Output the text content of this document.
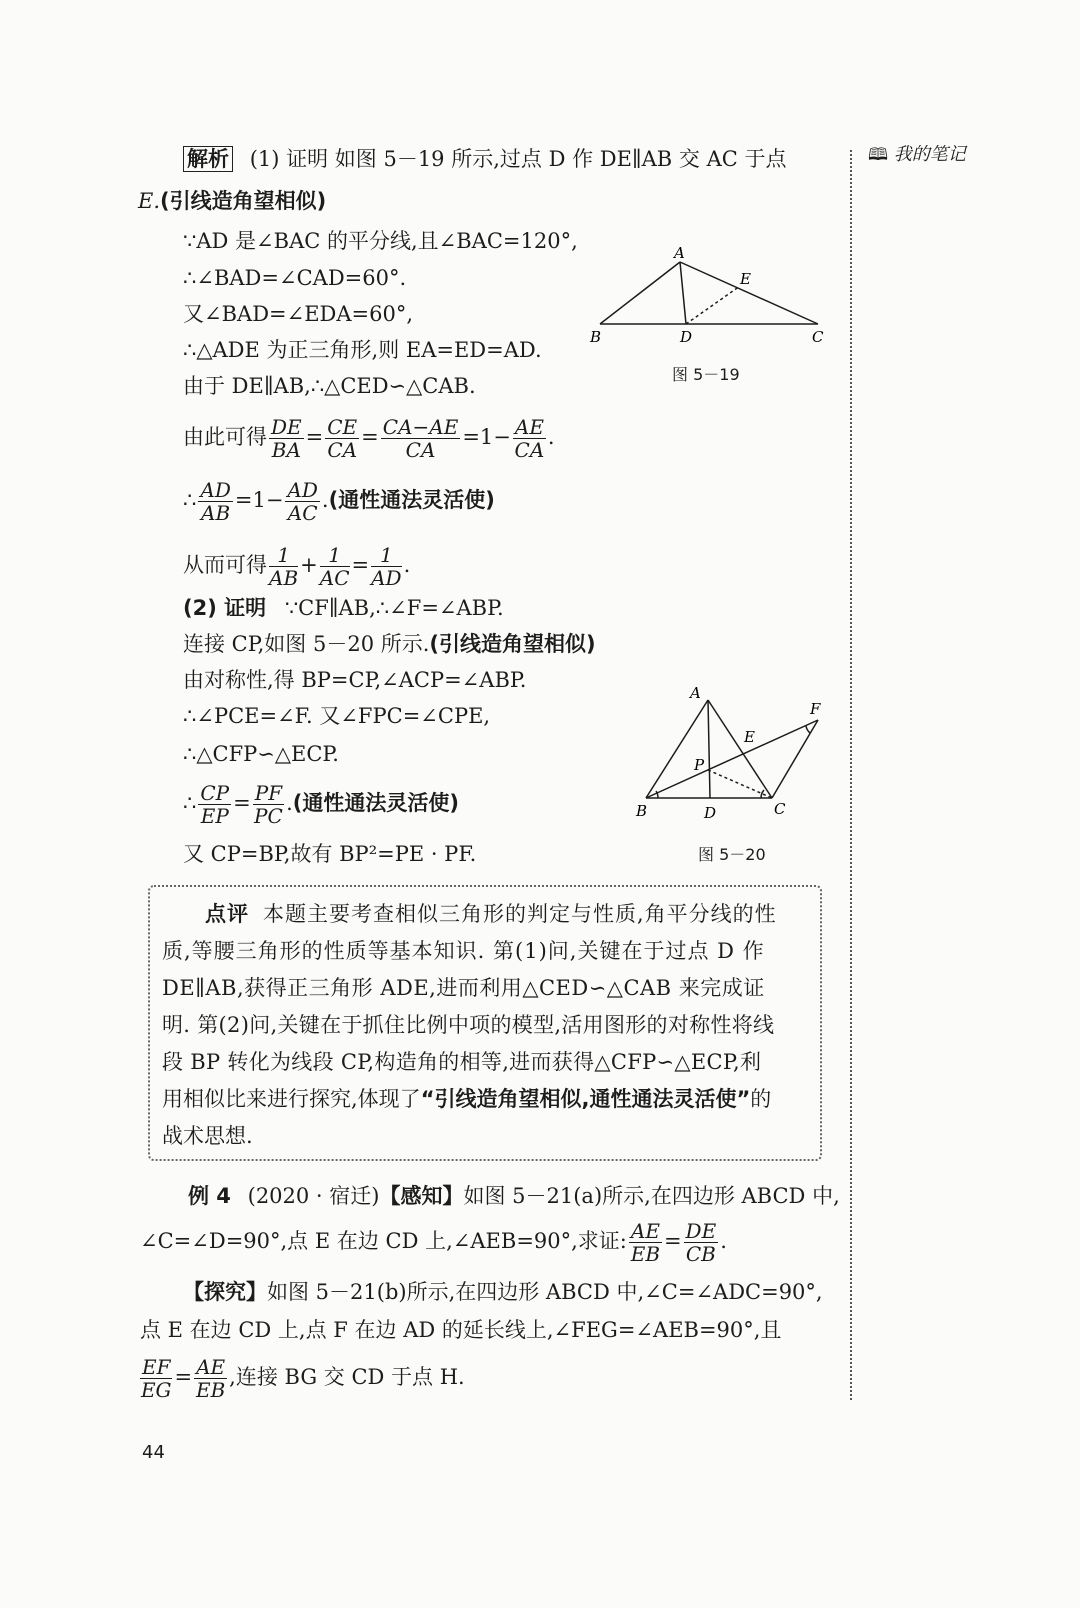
🕮 我的笔记
解析 (1) 证明 如图 5－19 所示,过点 D 作 DE∥AB 交 AC 于点
E.(引线造角望相似)
∵AD 是∠BAC 的平分线,且∠BAC=120°,
∴∠BAD=∠CAD=60°.
又∠BAD=∠EDA=60°,
∴△ADE 为正三角形,则 EA=ED=AD.
由于 DE∥AB,∴△CED∽△CAB.
由此可得 $\frac{DE}{BA} = \frac{CE}{CA} = \frac{CA-AE}{CA} =1- \frac{AE}{CA}$ .
∴ $\frac{AD}{AB} =1- \frac{AD}{AC}$ .(通性通法灵活使)
从而可得 $\frac{1}{AB} + \frac{1}{AC} = \frac{1}{AD}$ .
(2) 证明 ∵CF∥AB,∴∠F=∠ABP.
连接 CP,如图 5－20 所示.(引线造角望相似)
由对称性,得 BP=CP,∠ACP=∠ABP.
∴∠PCE=∠F. 又∠FPC=∠CPE,
∴△CFP∽△ECP.
∴ $\frac{CP}{EP} = \frac{PF}{PC}$ .(通性通法灵活使)
又 CP=BP,故有 BP²=PE · PF.
A
B	C
D
E
图 5－19
A
B	C
D
E
F
P
图 5－20
点评 本题主要考查相似三角形的判定与性质,角平分线的性
质,等腰三角形的性质等基本知识. 第(1)问,关键在于过点 D 作
DE∥AB,获得正三角形 ADE,进而利用△CED∽△CAB 来完成证
明. 第(2)问,关键在于抓住比例中项的模型,活用图形的对称性将线
段 BP 转化为线段 CP,构造角的相等,进而获得△CFP∽△ECP,利
用相似比来进行探究,体现了“引线造角望相似,通性通法灵活使”的
战术思想.
例 4 (2020 · 宿迁)【感知】如图 5－21(a)所示,在四边形 ABCD 中,
∠C=∠D=90°,点 E 在边 CD 上,∠AEB=90°,求证: $\frac{AE}{EB} = \frac{DE}{CB}$ .
【探究】如图 5－21(b)所示,在四边形 ABCD 中,∠C=∠ADC=90°,
点 E 在边 CD 上,点 F 在边 AD 的延长线上,∠FEG=∠AEB=90°,且
$\frac{EF}{EG} = \frac{AE}{EB}$ ,连接 BG 交 CD 于点 H.
44
